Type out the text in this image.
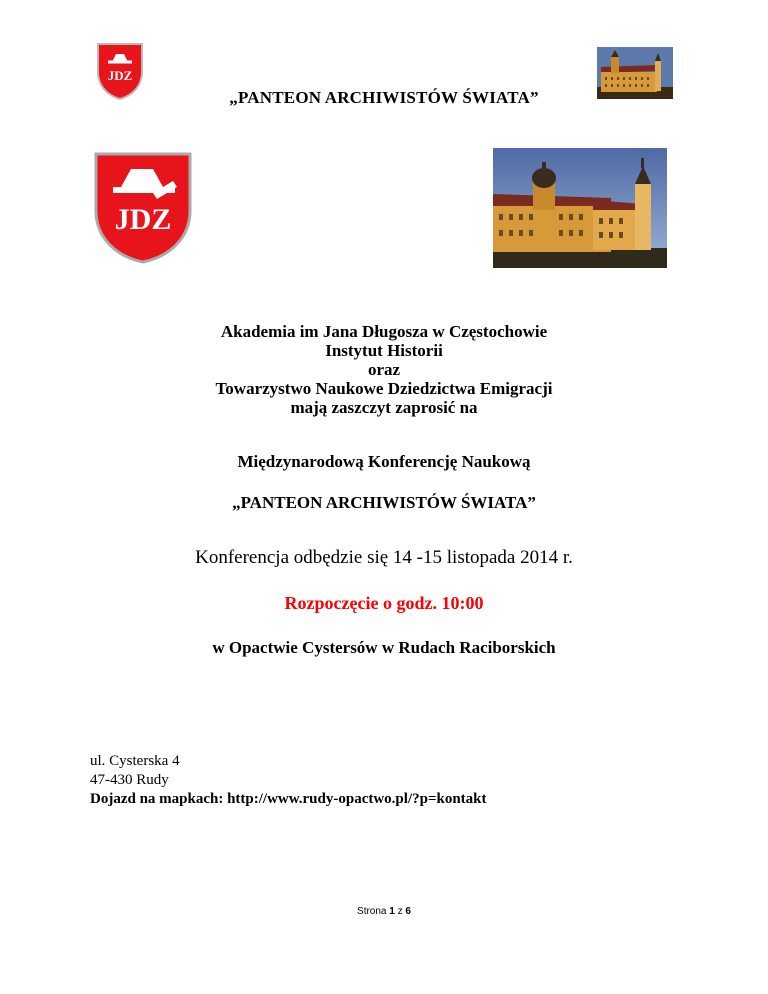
JDZ
„PANTEON ARCHIWISTÓW ŚWIATA”
JDZ
Akademia im Jana Długosza w Częstochowie
Instytut Historii
oraz
Towarzystwo Naukowe Dziedzictwa Emigracji
mają zaszczyt zaprosić na
Międzynarodową Konferencję Naukową
„PANTEON ARCHIWISTÓW ŚWIATA”
Konferencja odbędzie się 14 -15 listopada 2014 r.
Rozpoczęcie o godz. 10:00
w Opactwie Cystersów w Rudach Raciborskich
ul. Cysterska 4
47-430 Rudy
Dojazd na mapkach: http://www.rudy-opactwo.pl/?p=kontakt
Strona 1 z 6
